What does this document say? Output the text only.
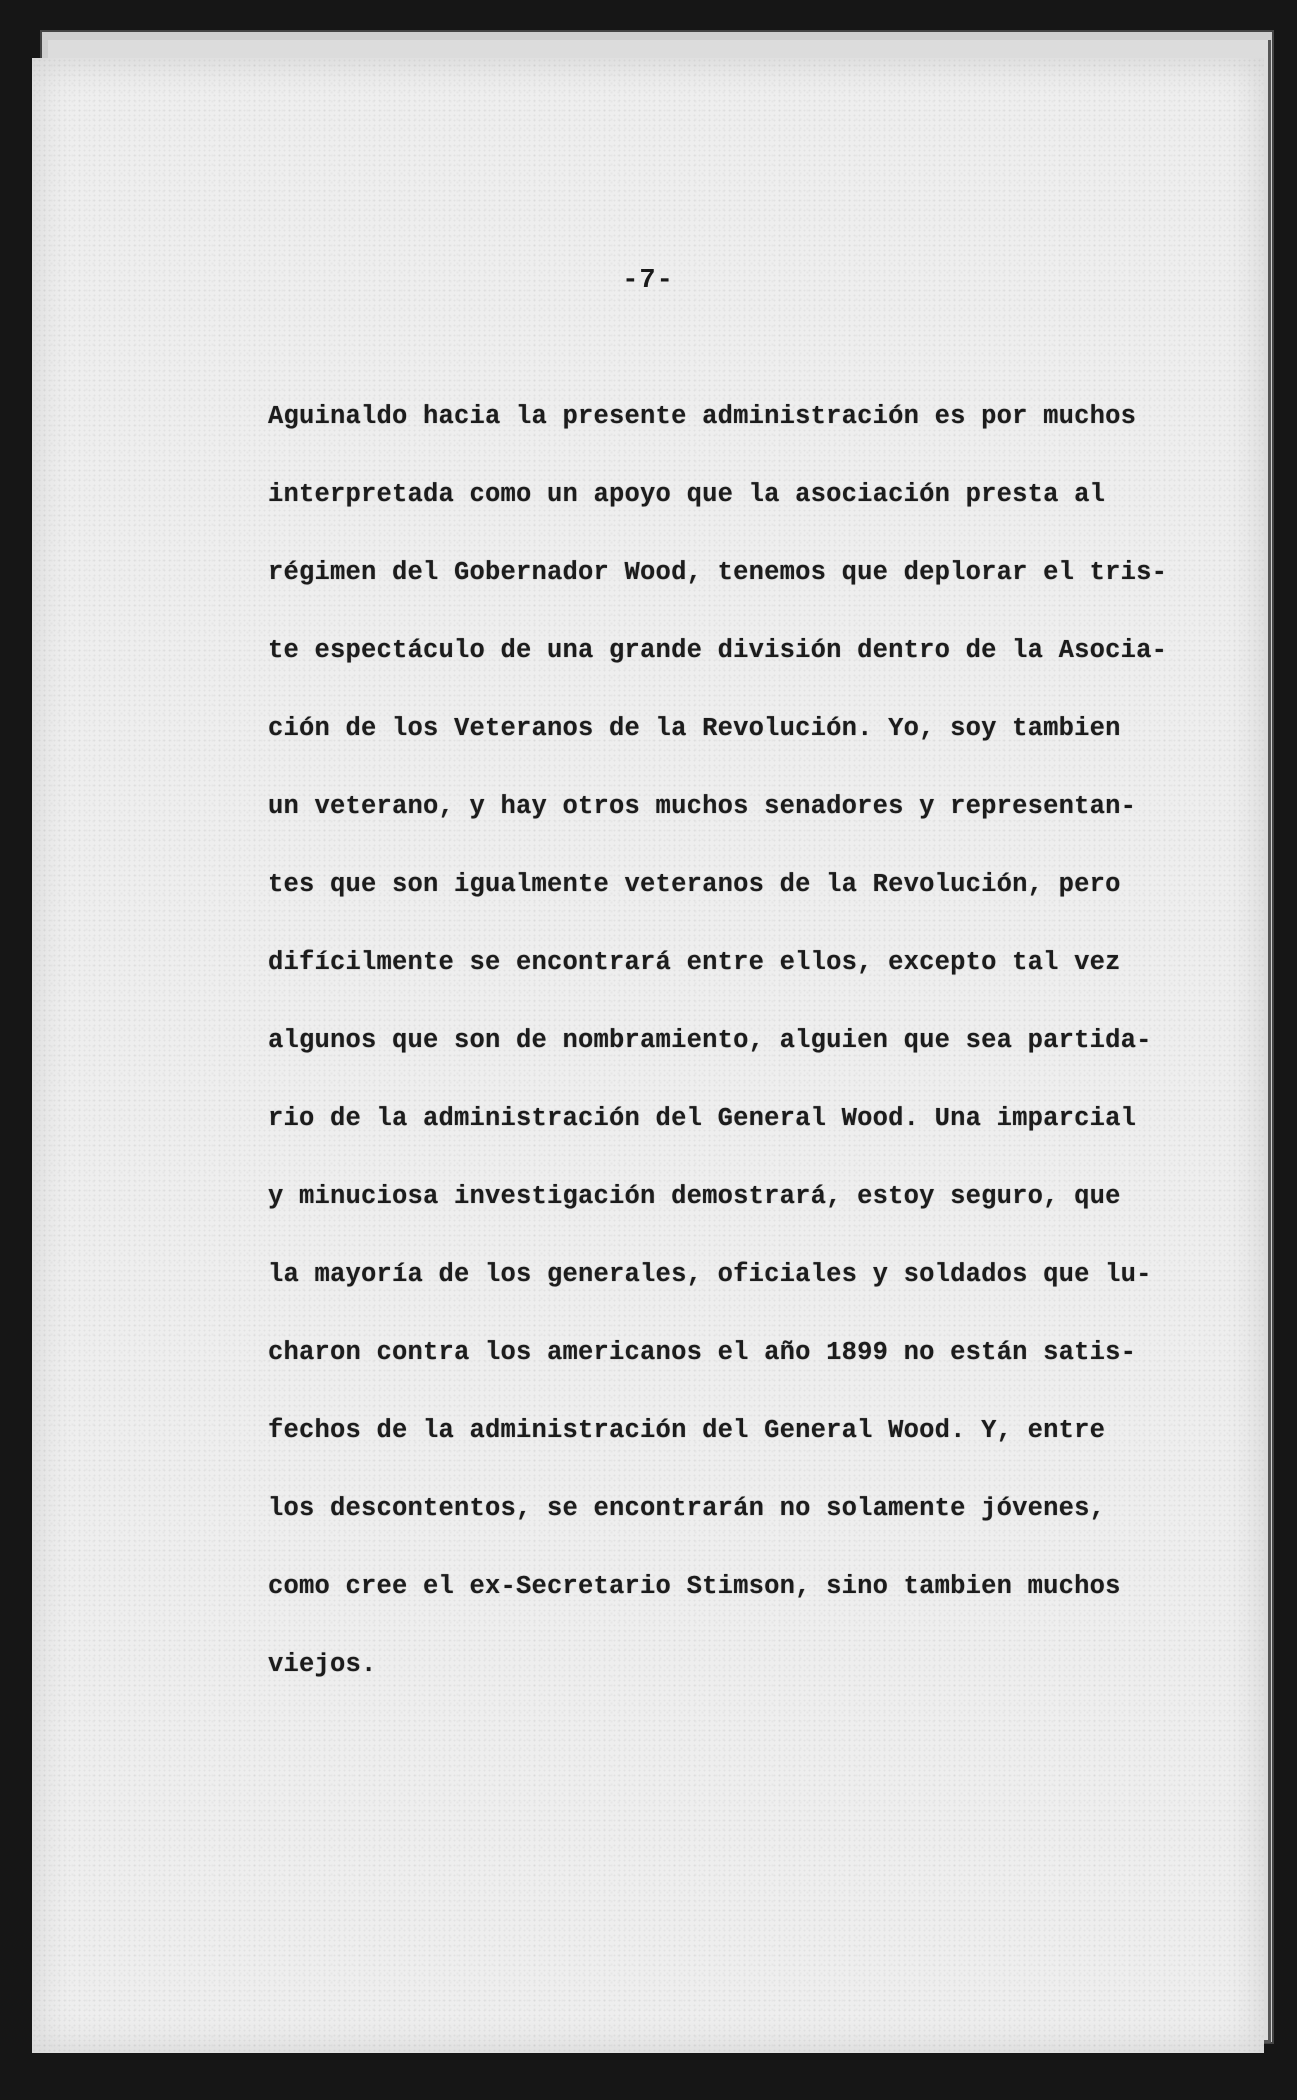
-7-
Aguinaldo hacia la presente administración es por muchos
interpretada como un apoyo que la asociación presta al
régimen del Gobernador Wood, tenemos que deplorar el tris-
te espectáculo de una grande división dentro de la Asocia-
ción de los Veteranos de la Revolución. Yo, soy tambien
un veterano, y hay otros muchos senadores y representan-
tes que son igualmente veteranos de la Revolución, pero
difícilmente se encontrará entre ellos, excepto tal vez
algunos que son de nombramiento, alguien que sea partida-
rio de la administración del General Wood. Una imparcial
y minuciosa investigación demostrará, estoy seguro, que
la mayoría de los generales, oficiales y soldados que lu-
charon contra los americanos el año 1899 no están satis-
fechos de la administración del General Wood. Y, entre
los descontentos, se encontrarán no solamente jóvenes,
como cree el ex-Secretario Stimson, sino tambien muchos
viejos.
